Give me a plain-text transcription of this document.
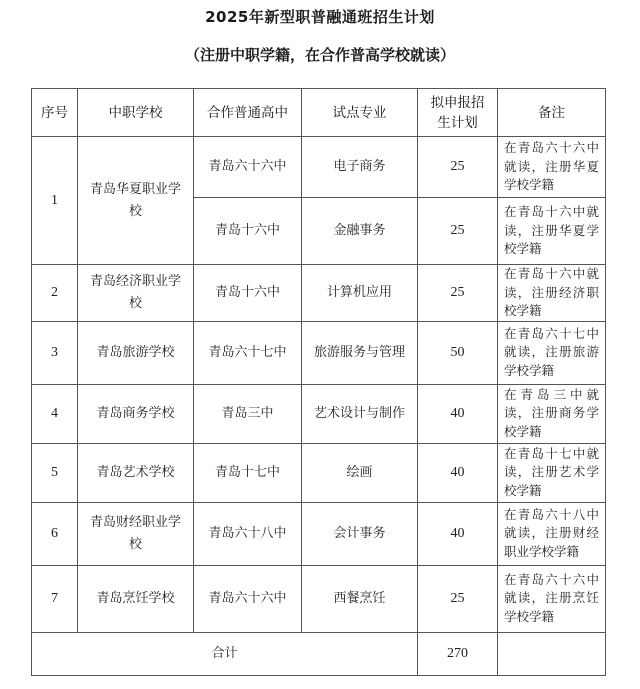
2025年新型职普融通班招生计划
（注册中职学籍，在合作普高学校就读）
序号	中职学校	合作普通高中	试点专业	拟申报招生计划	备注
1	青岛华夏职业学校	青岛六十六中	电子商务	25	在青岛六十六中就读，注册华夏学校学籍
		青岛十六中	金融事务	25	在青岛十六中就读，注册华夏学校学籍
2	青岛经济职业学校	青岛十六中	计算机应用	25	在青岛十六中就读，注册经济职校学籍
3	青岛旅游学校	青岛六十七中	旅游服务与管理	50	在青岛六十七中就读，注册旅游学校学籍
4	青岛商务学校	青岛三中	艺术设计与制作	40	在青岛三中就读，注册商务学校学籍
5	青岛艺术学校	青岛十七中	绘画	40	在青岛十七中就读，注册艺术学校学籍
6	青岛财经职业学校	青岛六十八中	会计事务	40	在青岛六十八中就读，注册财经职业学校学籍
7	青岛烹饪学校	青岛六十六中	西餐烹饪	25	在青岛六十六中就读，注册烹饪学校学籍
合计				270	
